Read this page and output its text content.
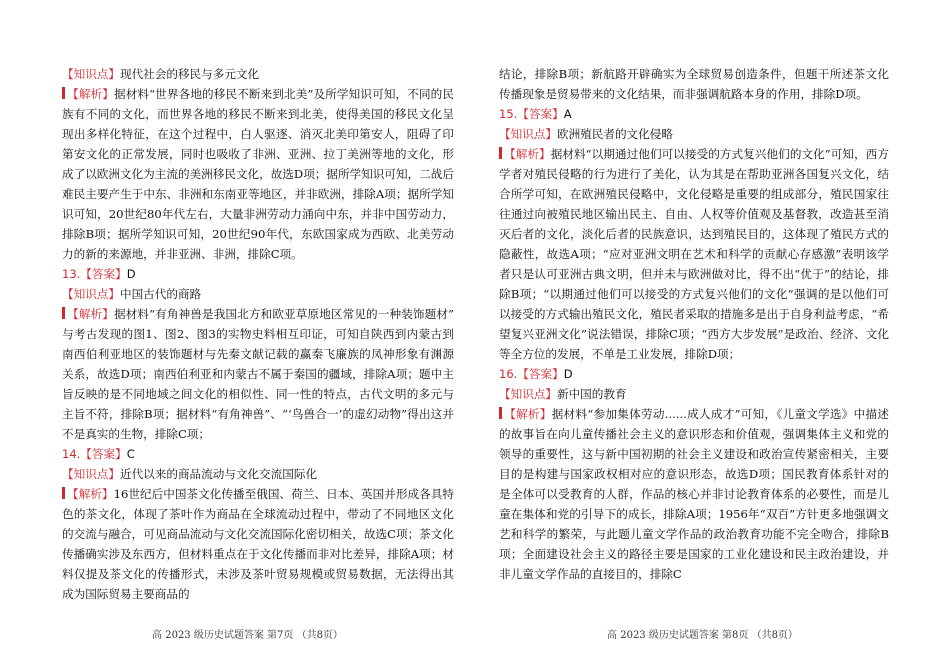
【知识点】现代社会的移民与多元文化

【解析】据材料“世界各地的移民不断来到北美”及所学知识可知，不同的民族有不同的文化，而世界各地的移民不断来到北美，使得美国的移民文化呈现出多样化特征，在这个过程中，白人驱逐、消灭北美印第安人，阻碍了印第安文化的正常发展，同时也吸收了非洲、亚洲、拉丁美洲等地的文化，形成了以欧洲文化为主流的美洲移民文化，故选D项；据所学知识可知，二战后难民主要产生于中东、非洲和东南亚等地区，并非欧洲，排除A项；据所学知识可知，20世纪80年代左右，大量非洲劳动力涌向中东，并非中国劳动力，排除B项；据所学知识可知，20世纪90年代，东欧国家成为西欧、北美劳动力的新的来源地，并非亚洲、非洲，排除C项。

13.【答案】D

【知识点】中国古代的商路

【解析】据材料“有角神兽是我国北方和欧亚草原地区常见的一种装饰题材” 与考古发现的图1、图2、图3的实物史料相互印证，可知自陕西到内蒙古到南西伯利亚地区的装饰题材与先秦文献记载的赢秦飞廉族的凤神形象有渊源关系，故选D项；南西伯利亚和内蒙古不属于秦国的疆域，排除A项；题中主旨反映的是不同地域之间文化的相似性、同一性的特点，古代文明的多元与主旨不符，排除B项；据材料“有角神兽”、“‘鸟兽合一’的虚幻动物”得出这并不是真实的生物，排除C项；

14.【答案】C

【知识点】近代以来的商品流动与文化交流国际化

【解析】16世纪后中国茶文化传播至俄国、荷兰、日本、英国并形成各具特色的茶文化，体现了茶叶作为商品在全球流动过程中，带动了不同地区文化的交流与融合，可见商品流动与文化交流国际化密切相关，故选C项；茶文化传播确实涉及东西方，但材料重点在于文化传播而非对比差异，排除A项；材料仅提及茶文化的传播形式，未涉及茶叶贸易规模或贸易数据，无法得出其成为国际贸易主要商品的

高 2023 级历史试题答案 第7页 （共8页）

结论，排除B项；新航路开辟确实为全球贸易创造条件，但题干所述茶文化传播现象是贸易带来的文化结果，而非强调航路本身的作用，排除D项。

15.【答案】A

【知识点】欧洲殖民者的文化侵略

【解析】据材料“以期通过他们可以接受的方式复兴他们的文化”可知，西方学者对殖民侵略的行为进行了美化，认为其是在帮助亚洲各国复兴文化，结合所学可知，在欧洲殖民侵略中，文化侵略是重要的组成部分，殖民国家往往通过向被殖民地区输出民主、自由、人权等价值观及基督教，改造甚至消灭后者的文化，淡化后者的民族意识，达到殖民目的，这体现了殖民方式的隐蔽性，故选A项；“应对亚洲文明在艺术和科学的贡献心存感激”表明该学者只是认可亚洲古典文明，但并未与欧洲做对比，得不出“优于”的结论，排除B项；“以期通过他们可以接受的方式复兴他们的文化”强调的是以他们可以接受的方式输出殖民文化，殖民者采取的措施多是出于自身利益考虑，“希望复兴亚洲文化”说法错误，排除C项；“西方大步发展”是政治、经济、文化等全方位的发展，不单是工业发展，排除D项；

16.【答案】D

【知识点】新中国的教育

【解析】据材料“参加集体劳动......成人成才”可知，《儿童文学选》中描述的故事旨在向儿童传播社会主义的意识形态和价值观，强调集体主义和党的领导的重要性，这与新中国初期的社会主义建设和政治宣传紧密相关，主要目的是构建与国家政权相对应的意识形态，故选D项；国民教育体系针对的是全体可以受教育的人群，作品的核心并非讨论教育体系的必要性，而是儿童在集体和党的引导下的成长，排除A项；1956年“双百”方针更多地强调文艺和科学的繁荣，与此题儿童文学作品的政治教育功能不完全吻合，排除B项；全面建设社会主义的路径主要是国家的工业化建设和民主政治建设，并非儿童文学作品的直接目的，排除C

高 2023 级历史试题答案 第8页 （共8页）
